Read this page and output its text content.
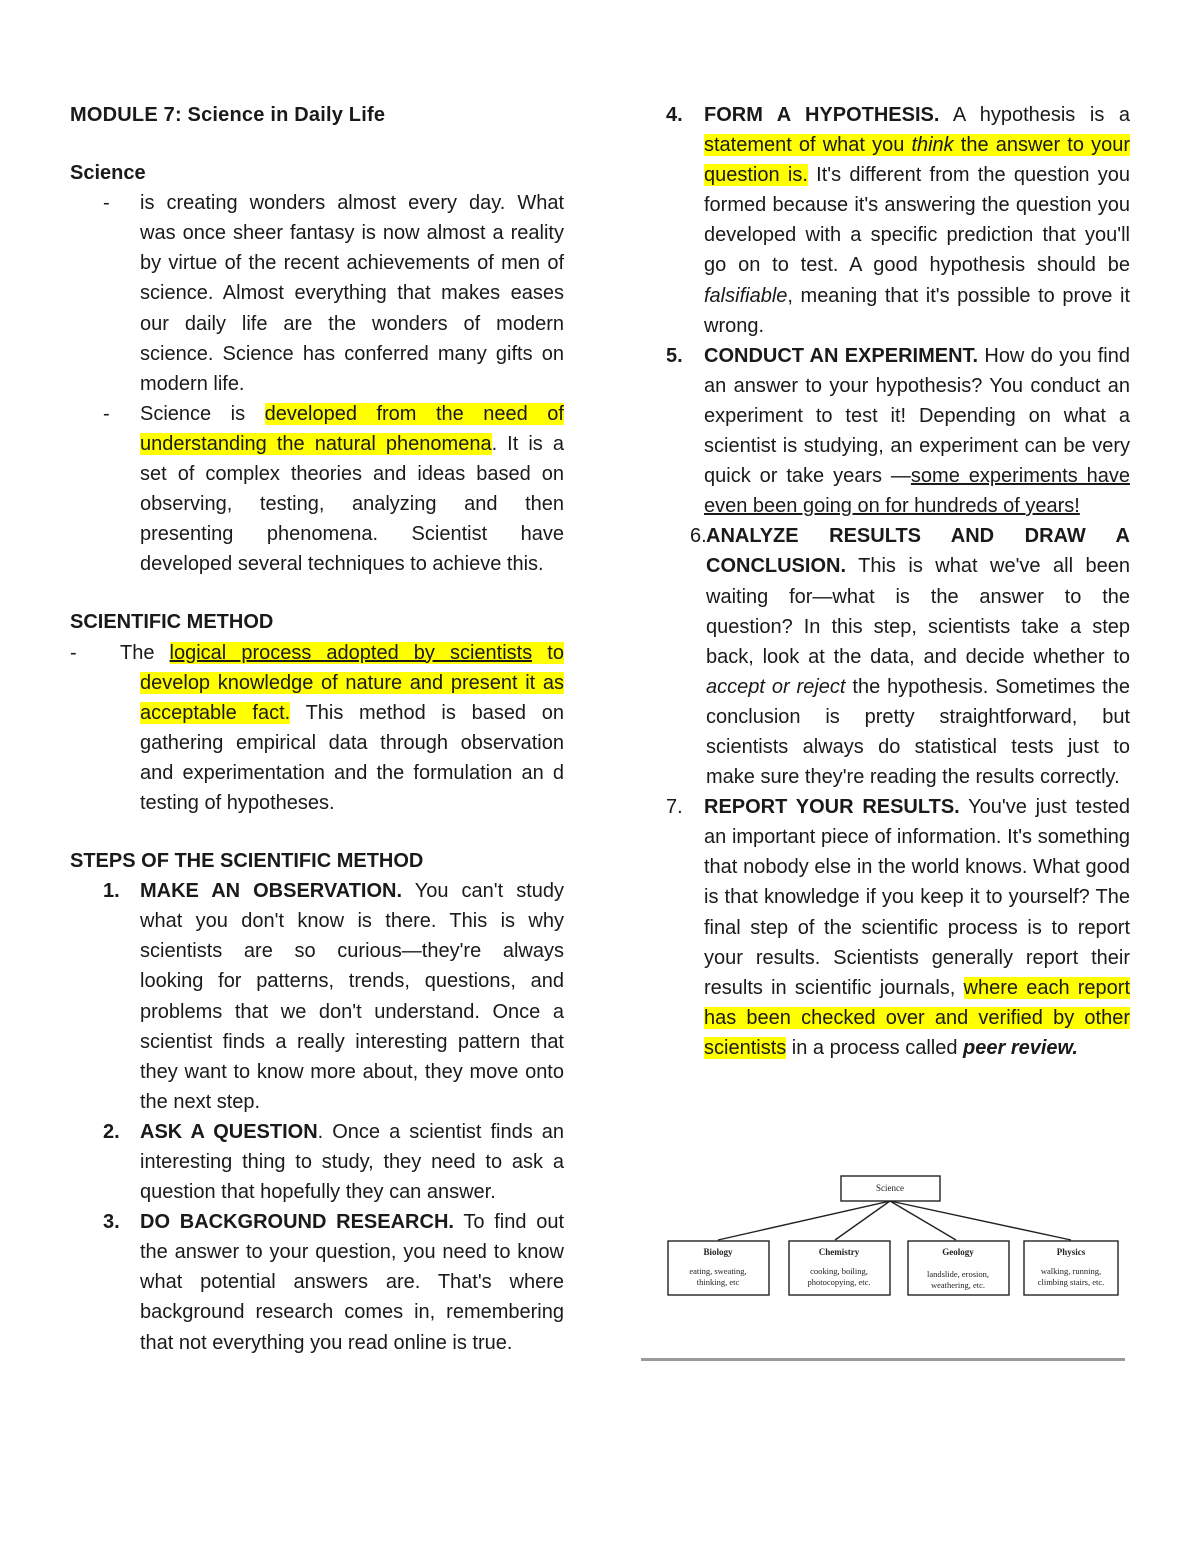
MODULE 7: Science in Daily Life

Science

- is creating wonders almost every day. What was once sheer fantasy is now almost a reality by virtue of the recent achievements of men of science. Almost everything that makes eases our daily life are the wonders of modern science. Science has conferred many gifts on modern life.
- Science is developed from the need of understanding the natural phenomena. It is a set of complex theories and ideas based on observing, testing, analyzing and then presenting phenomena. Scientist have developed several techniques to achieve this.

SCIENTIFIC METHOD

- The logical process adopted by scientists to develop knowledge of nature and present it as acceptable fact. This method is based on gathering empirical data through observation and experimentation and the formulation an d testing of hypotheses.

STEPS OF THE SCIENTIFIC METHOD

1. MAKE AN OBSERVATION. You can't study what you don't know is there. This is why scientists are so curious—they're always looking for patterns, trends, questions, and problems that we don't understand. Once a scientist finds a really interesting pattern that they want to know more about, they move onto the next step.
2. ASK A QUESTION. Once a scientist finds an interesting thing to study, they need to ask a question that hopefully they can answer.
3. DO BACKGROUND RESEARCH. To find out the answer to your question, you need to know what potential answers are. That's where background research comes in, remembering that not everything you read online is true.
4. FORM A HYPOTHESIS. A hypothesis is a statement of what you think the answer to your question is. It's different from the question you formed because it's answering the question you developed with a specific prediction that you'll go on to test. A good hypothesis should be falsifiable, meaning that it's possible to prove it wrong.
5. CONDUCT AN EXPERIMENT. How do you find an answer to your hypothesis? You conduct an experiment to test it! Depending on what a scientist is studying, an experiment can be very quick or take years —some experiments have even been going on for hundreds of years!
6. ANALYZE RESULTS AND DRAW A CONCLUSION. This is what we've all been waiting for—what is the answer to the question? In this step, scientists take a step back, look at the data, and decide whether to accept or reject the hypothesis. Sometimes the conclusion is pretty straightforward, but scientists always do statistical tests just to make sure they're reading the results correctly.
7. REPORT YOUR RESULTS. You've just tested an important piece of information. It's something that nobody else in the world knows. What good is that knowledge if you keep it to yourself? The final step of the scientific process is to report your results. Scientists generally report their results in scientific journals, where each report has been checked over and verified by other scientists in a process called peer review.
Science
Biology
eating, sweating,
thinking, etc
Chemistry
cooking, boiling,
photocopying, etc.
Geology
landslide, erosion,
weathering, etc.
Physics
walking, running,
climbing stairs, etc.
